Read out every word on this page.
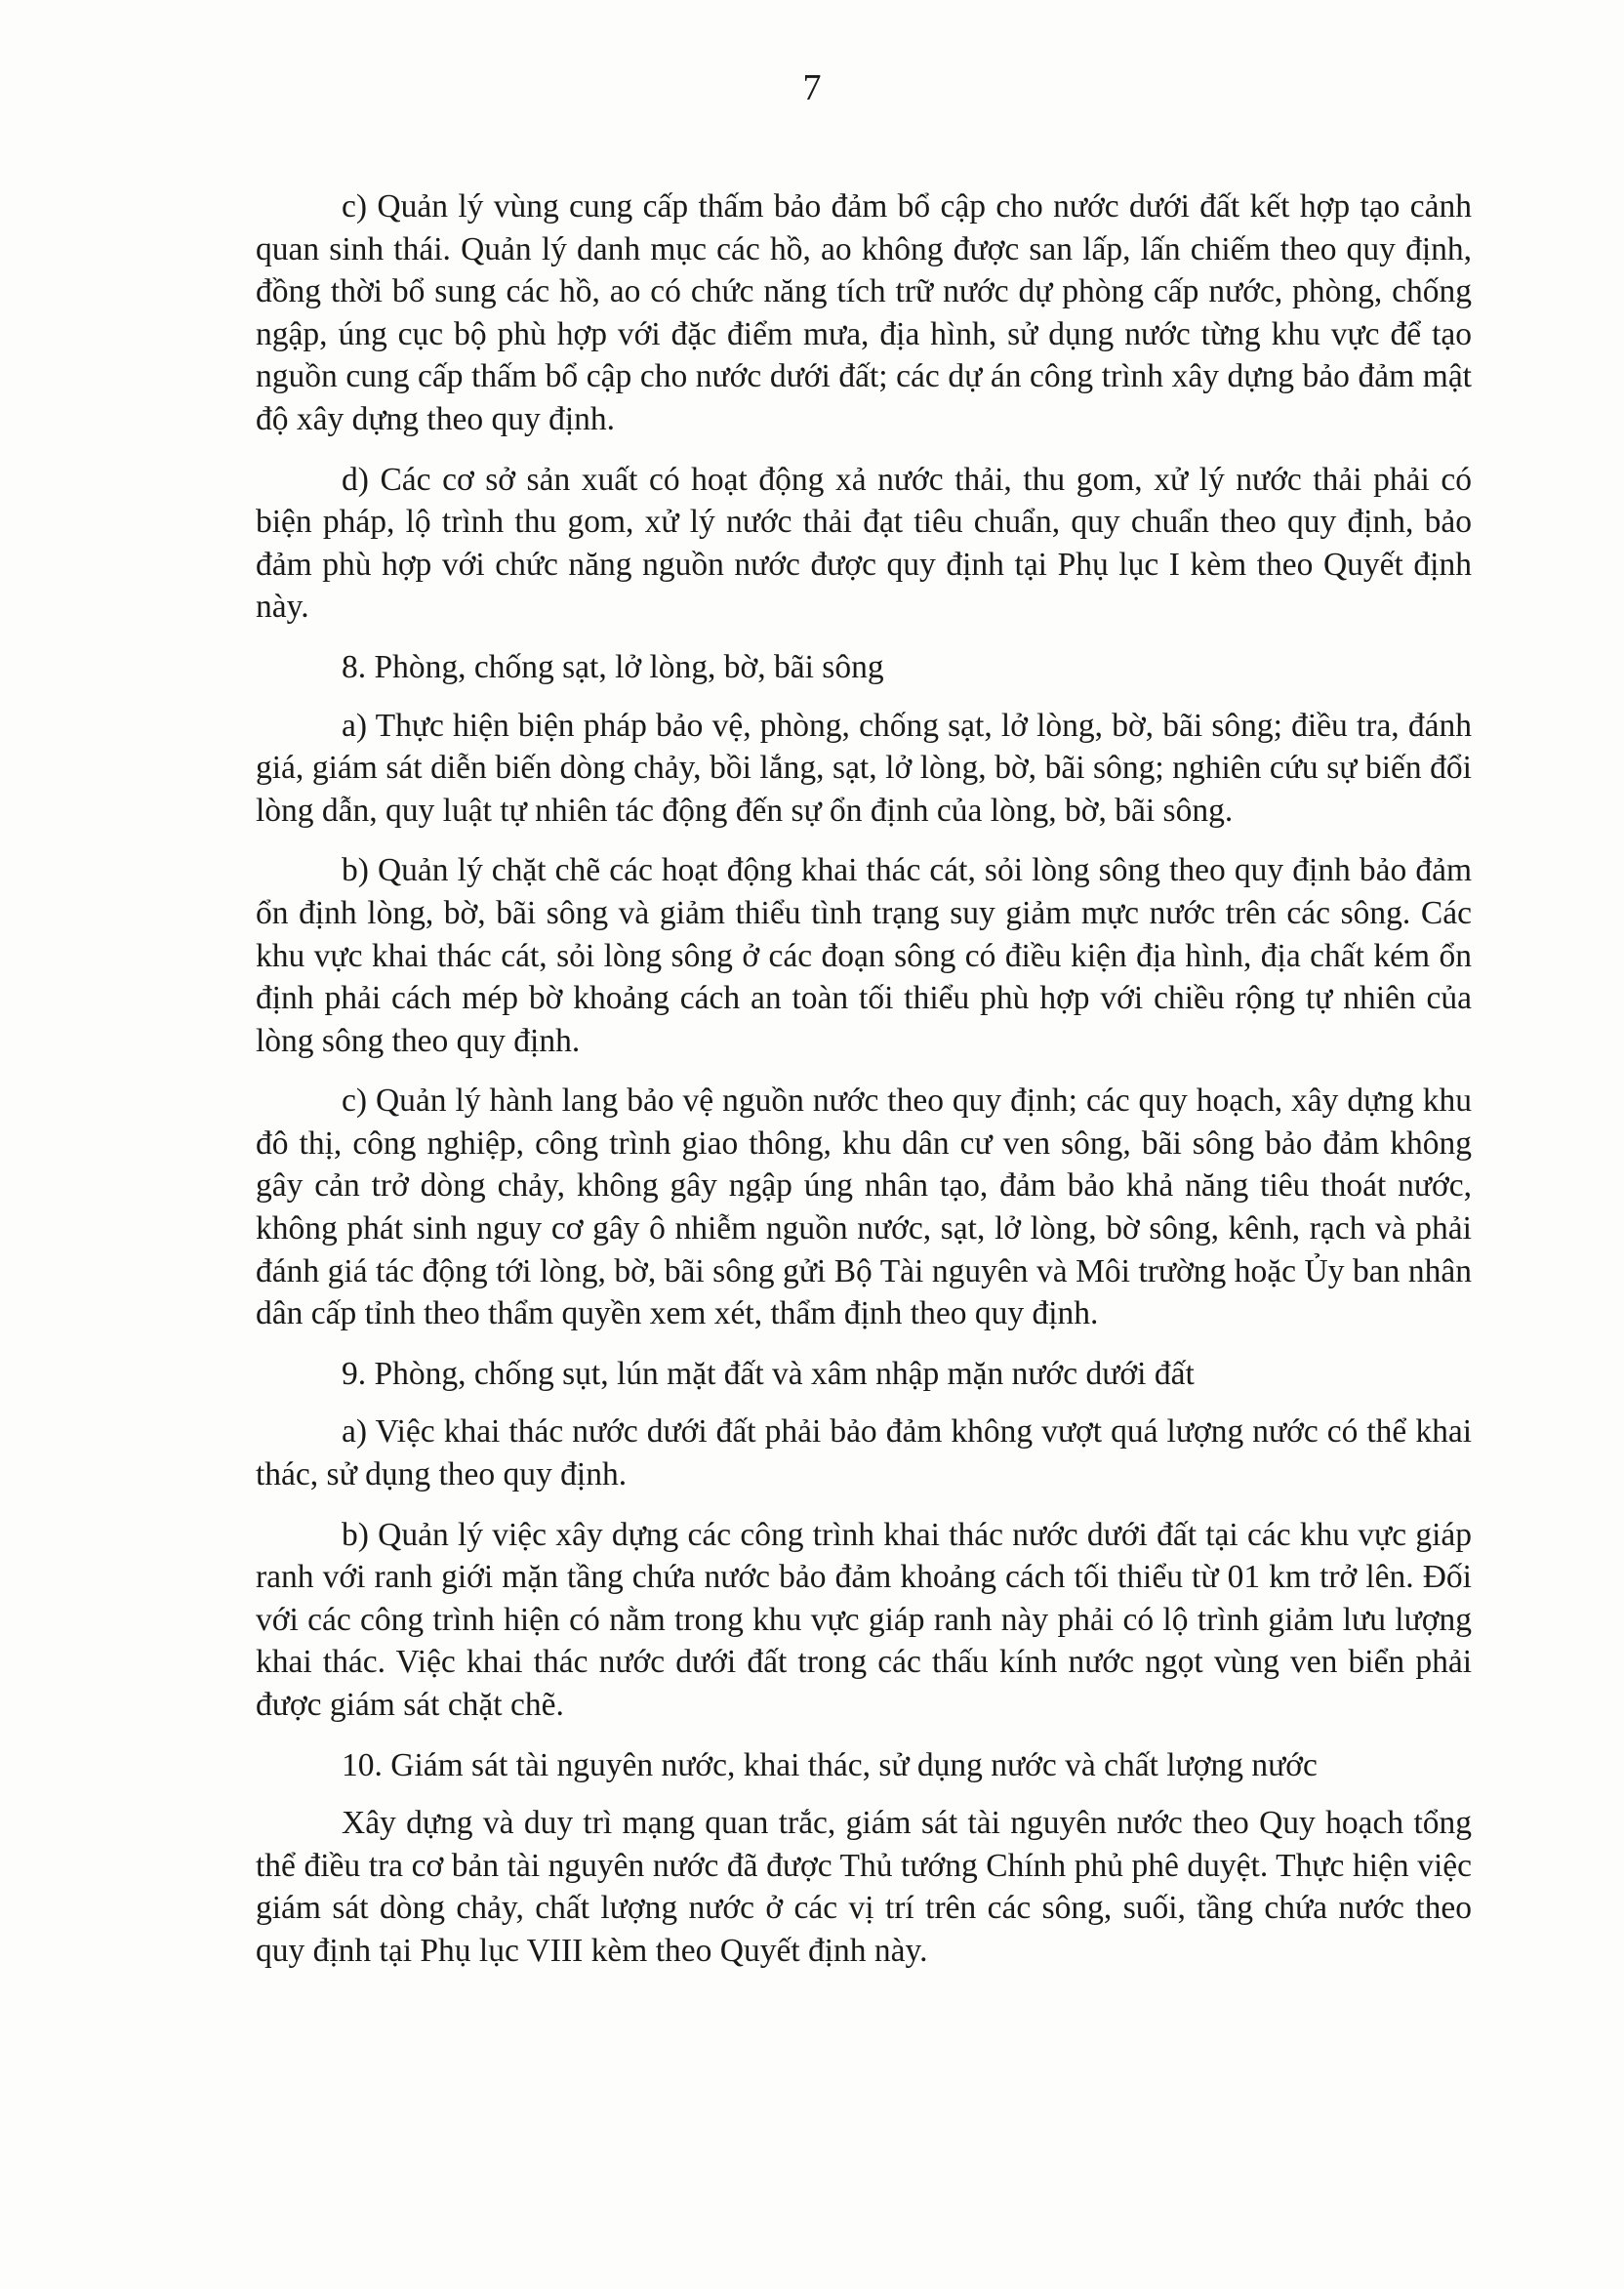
7

c) Quản lý vùng cung cấp thấm bảo đảm bổ cập cho nước dưới đất kết hợp tạo cảnh quan sinh thái. Quản lý danh mục các hồ, ao không được san lấp, lấn chiếm theo quy định, đồng thời bổ sung các hồ, ao có chức năng tích trữ nước dự phòng cấp nước, phòng, chống ngập, úng cục bộ phù hợp với đặc điểm mưa, địa hình, sử dụng nước từng khu vực để tạo nguồn cung cấp thấm bổ cập cho nước dưới đất; các dự án công trình xây dựng bảo đảm mật độ xây dựng theo quy định.

d) Các cơ sở sản xuất có hoạt động xả nước thải, thu gom, xử lý nước thải phải có biện pháp, lộ trình thu gom, xử lý nước thải đạt tiêu chuẩn, quy chuẩn theo quy định, bảo đảm phù hợp với chức năng nguồn nước được quy định tại Phụ lục I kèm theo Quyết định này.

8. Phòng, chống sạt, lở lòng, bờ, bãi sông

a) Thực hiện biện pháp bảo vệ, phòng, chống sạt, lở lòng, bờ, bãi sông; điều tra, đánh giá, giám sát diễn biến dòng chảy, bồi lắng, sạt, lở lòng, bờ, bãi sông; nghiên cứu sự biến đổi lòng dẫn, quy luật tự nhiên tác động đến sự ổn định của lòng, bờ, bãi sông.

b) Quản lý chặt chẽ các hoạt động khai thác cát, sỏi lòng sông theo quy định bảo đảm ổn định lòng, bờ, bãi sông và giảm thiểu tình trạng suy giảm mực nước trên các sông. Các khu vực khai thác cát, sỏi lòng sông ở các đoạn sông có điều kiện địa hình, địa chất kém ổn định phải cách mép bờ khoảng cách an toàn tối thiểu phù hợp với chiều rộng tự nhiên của lòng sông theo quy định.

c) Quản lý hành lang bảo vệ nguồn nước theo quy định; các quy hoạch, xây dựng khu đô thị, công nghiệp, công trình giao thông, khu dân cư ven sông, bãi sông bảo đảm không gây cản trở dòng chảy, không gây ngập úng nhân tạo, đảm bảo khả năng tiêu thoát nước, không phát sinh nguy cơ gây ô nhiễm nguồn nước, sạt, lở lòng, bờ sông, kênh, rạch và phải đánh giá tác động tới lòng, bờ, bãi sông gửi Bộ Tài nguyên và Môi trường hoặc Ủy ban nhân dân cấp tỉnh theo thẩm quyền xem xét, thẩm định theo quy định.

9. Phòng, chống sụt, lún mặt đất và xâm nhập mặn nước dưới đất

a) Việc khai thác nước dưới đất phải bảo đảm không vượt quá lượng nước có thể khai thác, sử dụng theo quy định.

b) Quản lý việc xây dựng các công trình khai thác nước dưới đất tại các khu vực giáp ranh với ranh giới mặn tầng chứa nước bảo đảm khoảng cách tối thiểu từ 01 km trở lên. Đối với các công trình hiện có nằm trong khu vực giáp ranh này phải có lộ trình giảm lưu lượng khai thác. Việc khai thác nước dưới đất trong các thấu kính nước ngọt vùng ven biển phải được giám sát chặt chẽ.

10. Giám sát tài nguyên nước, khai thác, sử dụng nước và chất lượng nước

Xây dựng và duy trì mạng quan trắc, giám sát tài nguyên nước theo Quy hoạch tổng thể điều tra cơ bản tài nguyên nước đã được Thủ tướng Chính phủ phê duyệt. Thực hiện việc giám sát dòng chảy, chất lượng nước ở các vị trí trên các sông, suối, tầng chứa nước theo quy định tại Phụ lục VIII kèm theo Quyết định này.
